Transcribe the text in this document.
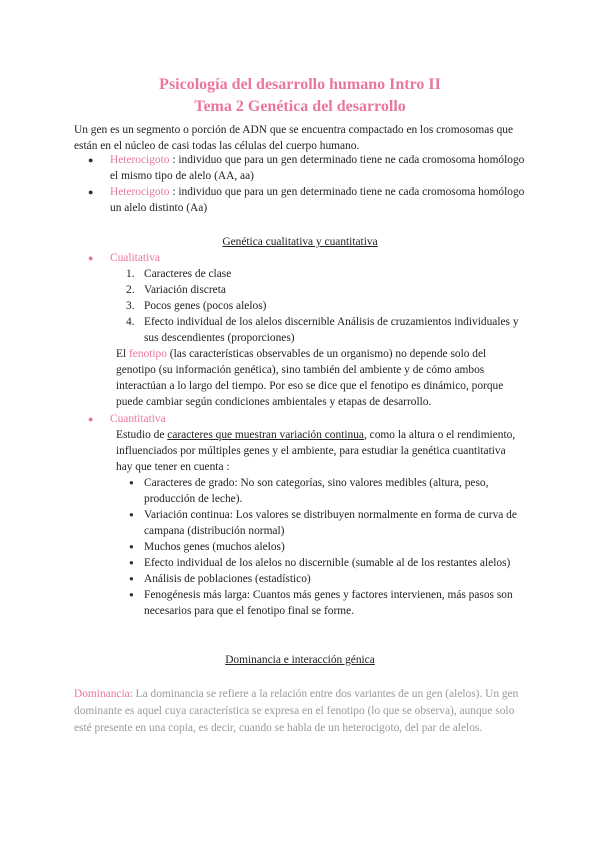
Psicología del desarrollo humano Intro II
Tema 2 Genética del desarrollo

Un gen es un segmento o porción de ADN que se encuentra compactado en los cromosomas que están en el núcleo de casi todas las células del cuerpo humano.

● Heterocigoto : individuo que para un gen determinado tiene ne cada cromosoma homólogo el mismo tipo de alelo (AA, aa)
● Heterocigoto : individuo que para un gen determinado tiene ne cada cromosoma homólogo un alelo distinto (Aa)
Genética cualitativa y cuantitativa
● Cualitativa
1. Caracteres de clase
2. Variación discreta
3. Pocos genes (pocos alelos)
4. Efecto individual de los alelos discernible Análisis de cruzamientos individuales y sus descendientes (proporciones)

El fenotipo (las características observables de un organismo) no depende solo del genotipo (su información genética), sino también del ambiente y de cómo ambos interactúan a lo largo del tiempo. Por eso se dice que el fenotipo es dinámico, porque puede cambiar según condiciones ambientales y etapas de desarrollo.

● Cuantitativa

Estudio de caracteres que muestran variación continua, como la altura o el rendimiento, influenciados por múltiples genes y el ambiente, para estudiar la genética cuantitativa hay que tener en cuenta :

● Caracteres de grado: No son categorías, sino valores medibles (altura, peso, producción de leche).
● Variación continua: Los valores se distribuyen normalmente en forma de curva de campana (distribución normal)
● Muchos genes (muchos alelos)
● Efecto individual de los alelos no discernible (sumable al de los restantes alelos)
● Análisis de poblaciones (estadístico)
● Fenogénesis más larga: Cuantos más genes y factores intervienen, más pasos son necesarios para que el fenotipo final se forme.
Dominancia e interacción génica

Dominancia: La dominancia se refiere a la relación entre dos variantes de un gen (alelos). Un gen dominante es aquel cuya característica se expresa en el fenotipo (lo que se observa), aunque solo esté presente en una copia, es decir, cuando se habla de un heterocigoto, del par de alelos.
